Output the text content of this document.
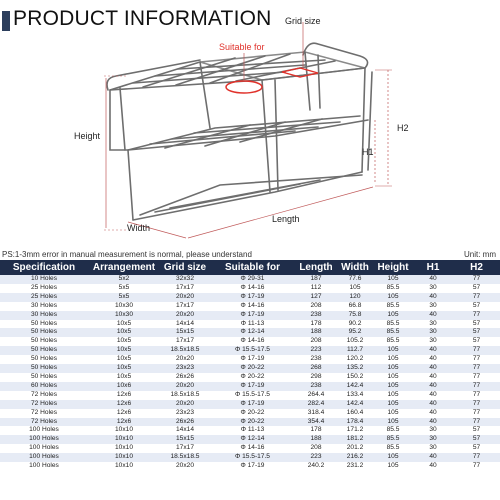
PRODUCT INFORMATION Grid size
Suitable for
Height
H2
H1
Length
Width
PS:1-3mm error in manual measurement is normal, please understand	Unit: mm
Specification	Arrangement	Grid size	Suitable for	Length	Width	Height	H1	H2
10 Holes	5x2	32x32	Φ 29-31	187	77.6	105	40	77
25 Holes	5x5	17x17	Φ 14-16	112	105	85.5	30	57
25 Holes	5x5	20x20	Φ 17-19	127	120	105	40	77
30 Holes	10x30	17x17	Φ 14-16	208	66.8	85.5	30	57
30 Holes	10x30	20x20	Φ 17-19	238	75.8	105	40	77
50 Holes	10x5	14x14	Φ 11-13	178	90.2	85.5	30	57
50 Holes	10x5	15x15	Φ 12-14	188	95.2	85.5	30	57
50 Holes	10x5	17x17	Φ 14-16	208	105.2	85.5	30	57
50 Holes	10x5	18.5x18.5	Φ 15.5-17.5	223	112.7	105	40	77
50 Holes	10x5	20x20	Φ 17-19	238	120.2	105	40	77
50 Holes	10x5	23x23	Φ 20-22	268	135.2	105	40	77
50 Holes	10x5	26x26	Φ 20-22	298	150.2	105	40	77
60 Holes	10x6	20x20	Φ 17-19	238	142.4	105	40	77
72 Holes	12x6	18.5x18.5	Φ 15.5-17.5	264.4	133.4	105	40	77
72 Holes	12x6	20x20	Φ 17-19	282.4	142.4	105	40	77
72 Holes	12x6	23x23	Φ 20-22	318.4	160.4	105	40	77
72 Holes	12x6	26x26	Φ 20-22	354.4	178.4	105	40	77
100 Holes	10x10	14x14	Φ 11-13	178	171.2	85.5	30	57
100 Holes	10x10	15x15	Φ 12-14	188	181.2	85.5	30	57
100 Holes	10x10	17x17	Φ 14-16	208	201.2	85.5	30	57
100 Holes	10x10	18.5x18.5	Φ 15.5-17.5	223	216.2	105	40	77
100 Holes	10x10	20x20	Φ 17-19	240.2	231.2	105	40	77
